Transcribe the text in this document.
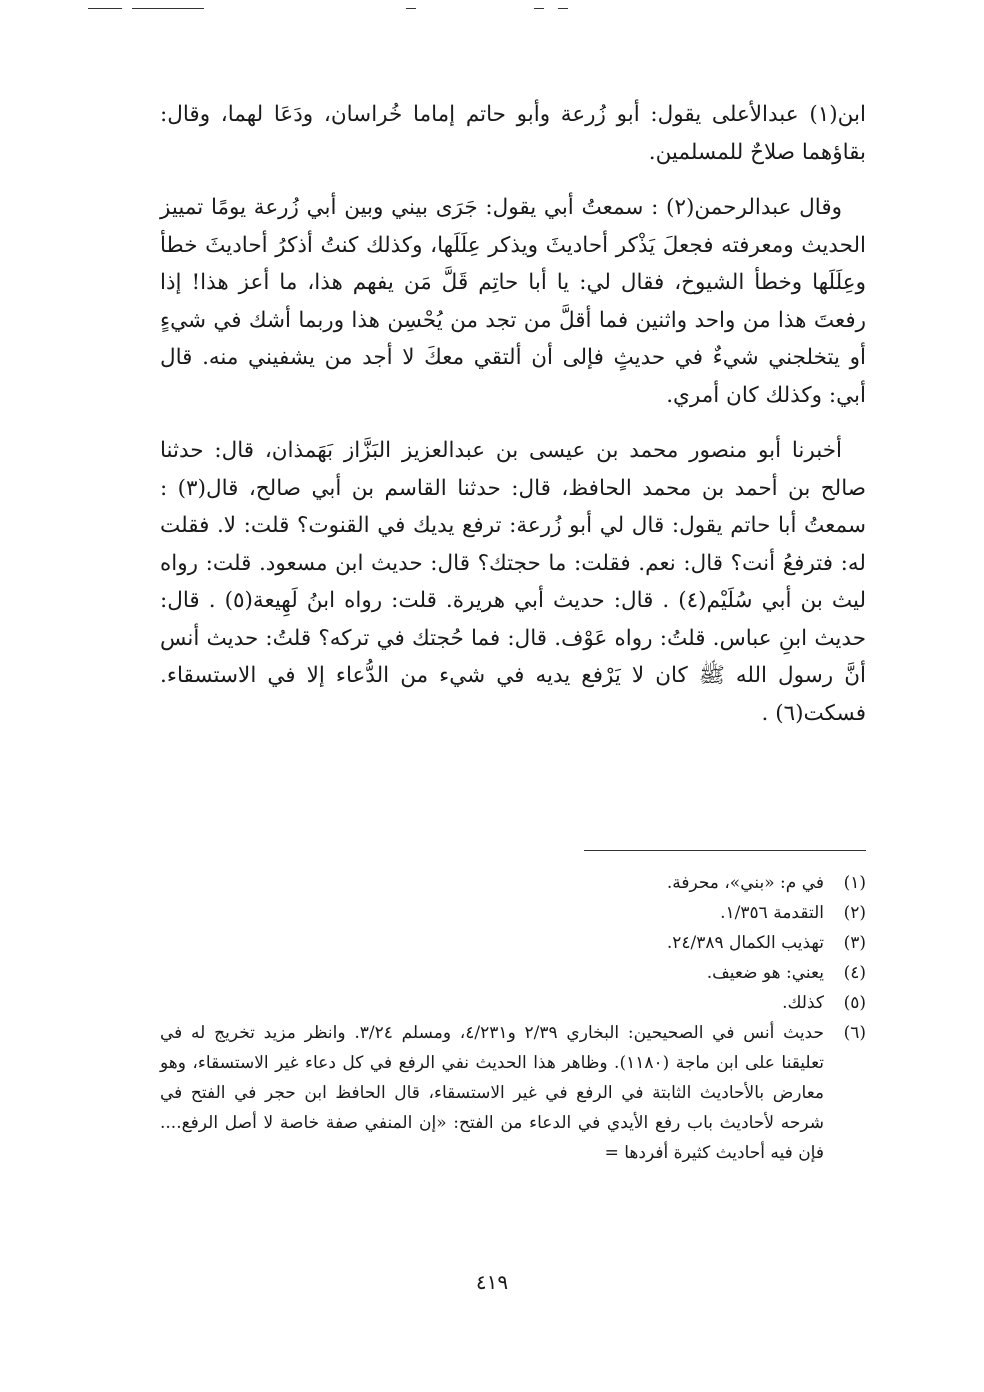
ابن(١) عبدالأعلى يقول: أبو زُرعة وأبو حاتم إماما خُراسان، ودَعَا لهما، وقال: بقاؤهما صلاحٌ للمسلمين.

وقال عبدالرحمن(٢) : سمعتُ أبي يقول: جَرَى بيني وبين أبي زُرعة يومًا تمييز الحديث ومعرفته فجعلَ يَذْكر أحاديثَ ويذكر عِلَلَها، وكذلك كنتُ أذكرُ أحاديثَ خطأ وعِلَلَها وخطأ الشيوخ، فقال لي: يا أبا حاتِم قَلَّ مَن يفهم هذا، ما أعز هذا! إذا رفعتَ هذا من واحد واثنين فما أقلَّ من تجد من يُحْسِن هذا وربما أشك في شيءٍ أو يتخلجني شيءٌ في حديثٍ فإلى أن ألتقي معكَ لا أجد من يشفيني منه. قال أبي: وكذلك كان أمري.

أخبرنا أبو منصور محمد بن عيسى بن عبدالعزيز البَزَّاز بَهَمذان، قال: حدثنا صالح بن أحمد بن محمد الحافظ، قال: حدثنا القاسم بن أبي صالح، قال(٣) : سمعتُ أبا حاتم يقول: قال لي أبو زُرعة: ترفع يديك في القنوت؟ قلت: لا. فقلت له: فترفعُ أنت؟ قال: نعم. فقلت: ما حجتك؟ قال: حديث ابن مسعود. قلت: رواه ليث بن أبي سُلَيْم(٤) . قال: حديث أبي هريرة. قلت: رواه ابنُ لَهِيعة(٥) . قال: حديث ابنِ عباس. قلتُ: رواه عَوْف. قال: فما حُجتك في تركه؟ قلتُ: حديث أنس أنَّ رسول الله ﷺ كان لا يَرْفع يديه في شيء من الدُّعاء إلا في الاستسقاء. فسكت(٦) .

(١)
في م: «بني»، محرفة.
(٢)
التقدمة ١/٣٥٦.
(٣)
تهذيب الكمال ٢٤/٣٨٩.
(٤)
يعني: هو ضعيف.
(٥)
كذلك.
(٦)
حديث أنس في الصحيحين: البخاري ٢/٣٩ و٤/٢٣١، ومسلم ٣/٢٤. وانظر مزيد تخريج له في تعليقنا على ابن ماجة (١١٨٠). وظاهر هذا الحديث نفي الرفع في كل دعاء غير الاستسقاء، وهو معارض بالأحاديث الثابتة في الرفع في غير الاستسقاء، قال الحافظ ابن حجر في الفتح في شرحه لأحاديث باب رفع الأيدي في الدعاء من الفتح: «إن المنفي صفة خاصة لا أصل الرفع.... فإن فيه أحاديث كثيرة أفردها =
٤١٩
